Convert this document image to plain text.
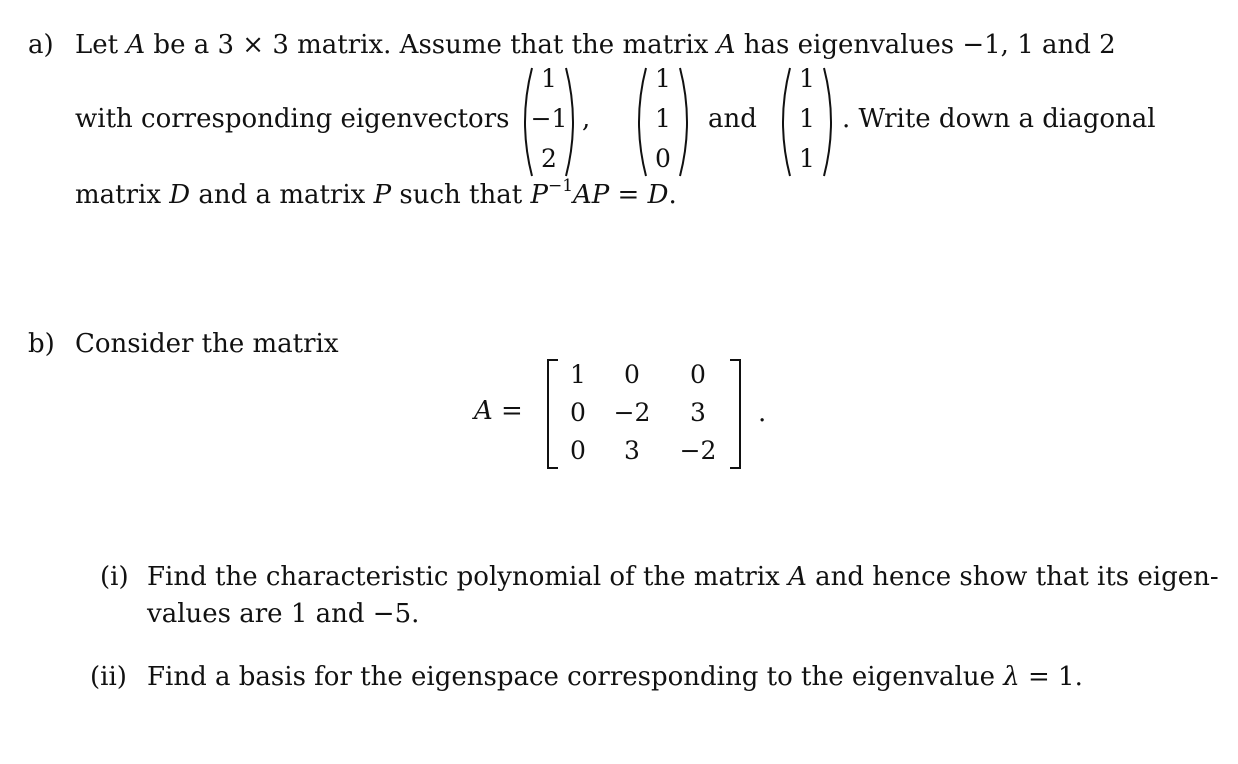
a) Let A be a 3 × 3 matrix. Assume that the matrix A has eigenvalues −1, 1 and 2
with corresponding eigenvectors
1
−1
2
,
1
1
0
and
1
1
1
. Write down a diagonal
matrix D and a matrix P such that $P^{-1}AP = D$.
b) Consider the matrix
A =
1	0	0
0	−2	3
0	3	−2
.
(i) Find the characteristic polynomial of the matrix A and hence show that its eigen-
values are 1 and −5.
(ii) Find a basis for the eigenspace corresponding to the eigenvalue λ = 1.
